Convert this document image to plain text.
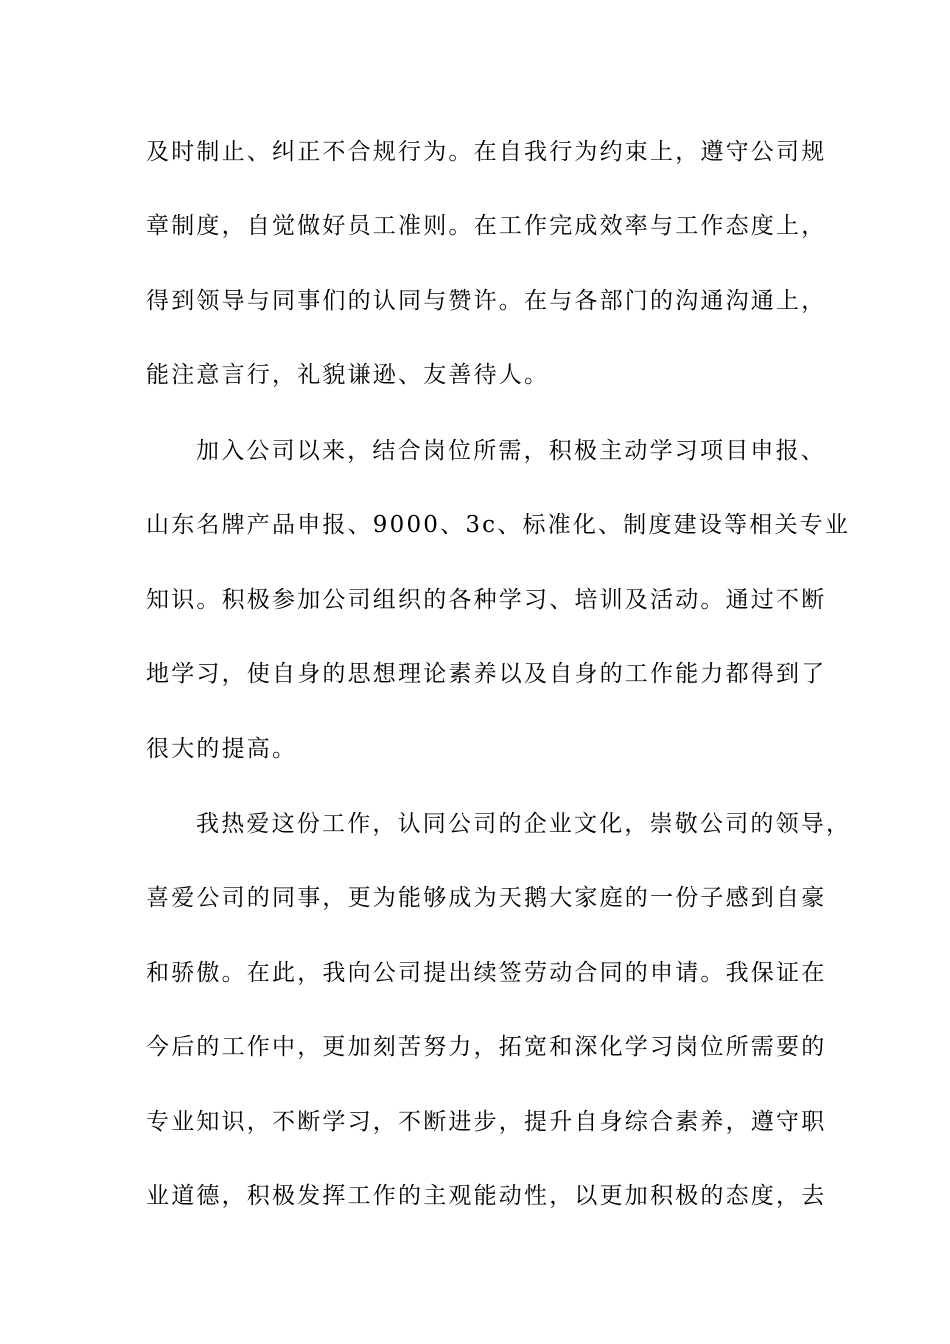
及时制止、纠正不合规行为。在自我行为约束上，遵守公司规
章制度，自觉做好员工准则。在工作完成效率与工作态度上，
得到领导与同事们的认同与赞许。在与各部门的沟通沟通上，
能注意言行，礼貌谦逊、友善待人。
加入公司以来，结合岗位所需，积极主动学习项目申报、
山东名牌产品申报、9000、3c、标准化、制度建设等相关专业
知识。积极参加公司组织的各种学习、培训及活动。通过不断
地学习，使自身的思想理论素养以及自身的工作能力都得到了
很大的提高。
我热爱这份工作，认同公司的企业文化，崇敬公司的领导，
喜爱公司的同事，更为能够成为天鹅大家庭的一份子感到自豪
和骄傲。在此，我向公司提出续签劳动合同的申请。我保证在
今后的工作中，更加刻苦努力，拓宽和深化学习岗位所需要的
专业知识，不断学习，不断进步，提升自身综合素养，遵守职
业道德，积极发挥工作的主观能动性，以更加积极的态度，去
